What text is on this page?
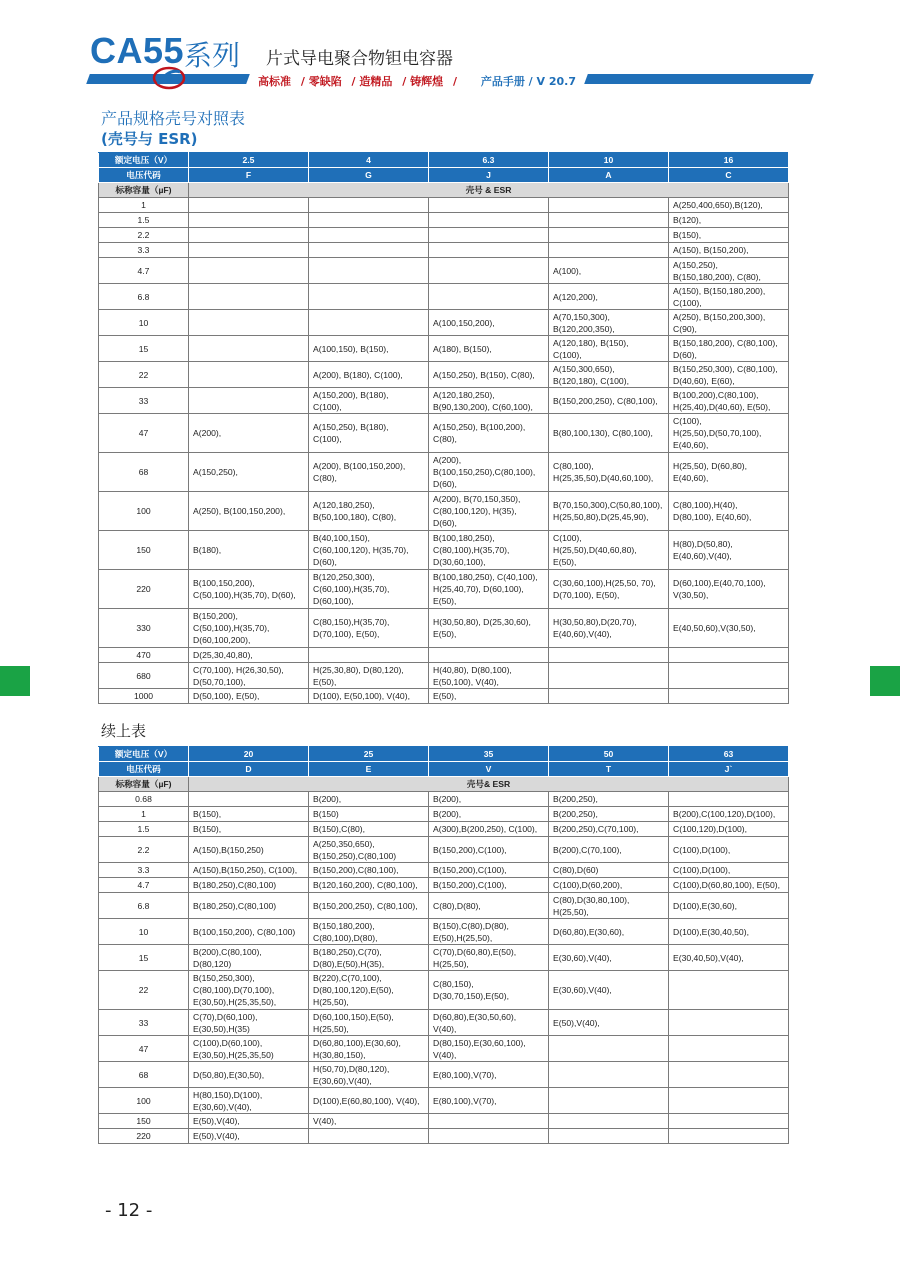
CA55 系列 片式导电聚合物钽电容器
高标准 / 零缺陷 / 造精品 / 铸辉煌 / 产品手册 / V 20.7
产品规格壳号对照表
(壳号与 ESR)
额定电压（V）	2.5	4	6.3	10	16
电压代码	F	G	J	A	C
标称容量（µF)	壳号 & ESR				
1					A(250,400,650),B(120),
1.5					B(120),
2.2					B(150),
3.3					A(150), B(150,200),
4.7				A(100),	A(150,250),
B(150,180,200), C(80),
6.8				A(120,200),	A(150), B(150,180,200),
C(100),
10			A(100,150,200),	A(70,150,300),
B(120,200,350),	A(250), B(150,200,300),
C(90),
15		A(100,150), B(150),	A(180), B(150),	A(120,180), B(150),
C(100),	B(150,180,200), C(80,100),
D(60),
22		A(200), B(180), C(100),	A(150,250), B(150), C(80),	A(150,300,650),
B(120,180), C(100),	B(150,250,300), C(80,100),
D(40,60), E(60),
33		A(150,200), B(180),
C(100),	A(120,180,250),
B(90,130,200), C(60,100),	B(150,200,250), C(80,100),	B(100,200),C(80,100),
H(25,40),D(40,60), E(50),
47	A(200),	A(150,250), B(180),
C(100),	A(150,250), B(100,200),
C(80),	B(80,100,130), C(80,100),	C(100),
H(25,50),D(50,70,100),
E(40,60),
68	A(150,250),	A(200), B(100,150,200),
C(80),	A(200),
B(100,150,250),C(80,100),
D(60),	C(80,100),
H(25,35,50),D(40,60,100),	H(25,50), D(60,80),
E(40,60),
100	A(250), B(100,150,200),	A(120,180,250),
B(50,100,180), C(80),	A(200), B(70,150,350),
C(80,100,120), H(35),
D(60),	B(70,150,300),C(50,80,100),
H(25,50,80),D(25,45,90),	C(80,100),H(40),
D(80,100), E(40,60),
150	B(180),	B(40,100,150),
C(60,100,120), H(35,70),
D(60),	B(100,180,250),
C(80,100),H(35,70),
D(30,60,100),	C(100),
H(25,50),D(40,60,80),
E(50),	H(80),D(50,80),
E(40,60),V(40),
220	B(100,150,200),
C(50,100),H(35,70), D(60),	B(120,250,300),
C(60,100),H(35,70),
D(60,100),	B(100,180,250), C(40,100),
H(25,40,70), D(60,100),
E(50),	C(30,60,100),H(25,50, 70),
D(70,100), E(50),	D(60,100),E(40,70,100),
V(30,50),
330	B(150,200),
C(50,100),H(35,70),
D(60,100,200),	C(80,150),H(35,70),
D(70,100), E(50),	H(30,50,80), D(25,30,60),
E(50),	H(30,50,80),D(20,70),
E(40,60),V(40),	E(40,50,60),V(30,50),
470	D(25,30,40,80),				
680	C(70,100), H(26,30,50),
D(50,70,100),	H(25,30,80), D(80,120),
E(50),	H(40,80), D(80,100),
E(50,100), V(40),		
1000	D(50,100), E(50),	D(100), E(50,100), V(40),	E(50),		
续上表
额定电压（V）	20	25	35	50	63
电压代码	D	E	V	T	J`
标称容量（µF)	壳号& ESR				
0.68		B(200),	B(200),	B(200,250),	
1	B(150),	B(150)	B(200),	B(200,250),	B(200),C(100,120),D(100),
1.5	B(150),	B(150),C(80),	A(300),B(200,250), C(100),	B(200,250),C(70,100),	C(100,120),D(100),
2.2	A(150),B(150,250)	A(250,350,650),
B(150,250),C(80,100)	B(150,200),C(100),	B(200),C(70,100),	C(100),D(100),
3.3	A(150),B(150,250), C(100),	B(150,200),C(80,100),	B(150,200),C(100),	C(80),D(60)	C(100),D(100),
4.7	B(180,250),C(80,100)	B(120,160,200), C(80,100),	B(150,200),C(100),	C(100),D(60,200),	C(100),D(60,80,100), E(50),
6.8	B(180,250),C(80,100)	B(150,200,250), C(80,100),	C(80),D(80),	C(80),D(30,80,100),
H(25,50),	D(100),E(30,60),
10	B(100,150,200), C(80,100)	B(150,180,200),
C(80,100),D(80),	B(150),C(80),D(80),
E(50),H(25,50),	D(60,80),E(30,60),	D(100),E(30,40,50),
15	B(200),C(80,100),
D(80,120)	B(180,250),C(70),
D(80),E(50),H(35),	C(70),D(60,80),E(50),
H(25,50),	E(30,60),V(40),	E(30,40,50),V(40),
22	B(150,250,300),
C(80,100),D(70,100),
E(30,50),H(25,35,50),	B(220),C(70,100),
D(80,100,120),E(50),
H(25,50),	C(80,150),
D(30,70,150),E(50),	E(30,60),V(40),	
33	C(70),D(60,100),
E(30,50),H(35)	D(60,100,150),E(50),
H(25,50),	D(60,80),E(30,50,60),
V(40),	E(50),V(40),	
47	C(100),D(60,100),
E(30,50),H(25,35,50)	D(60,80,100),E(30,60),
H(30,80,150),	D(80,150),E(30,60,100),
V(40),		
68	D(50,80),E(30,50),	H(50,70),D(80,120),
E(30,60),V(40),	E(80,100),V(70),		
100	H(80,150),D(100),
E(30,60),V(40),	D(100),E(60,80,100), V(40),	E(80,100),V(70),		
150	E(50),V(40),	V(40),			
220	E(50),V(40),				
- 12 -
